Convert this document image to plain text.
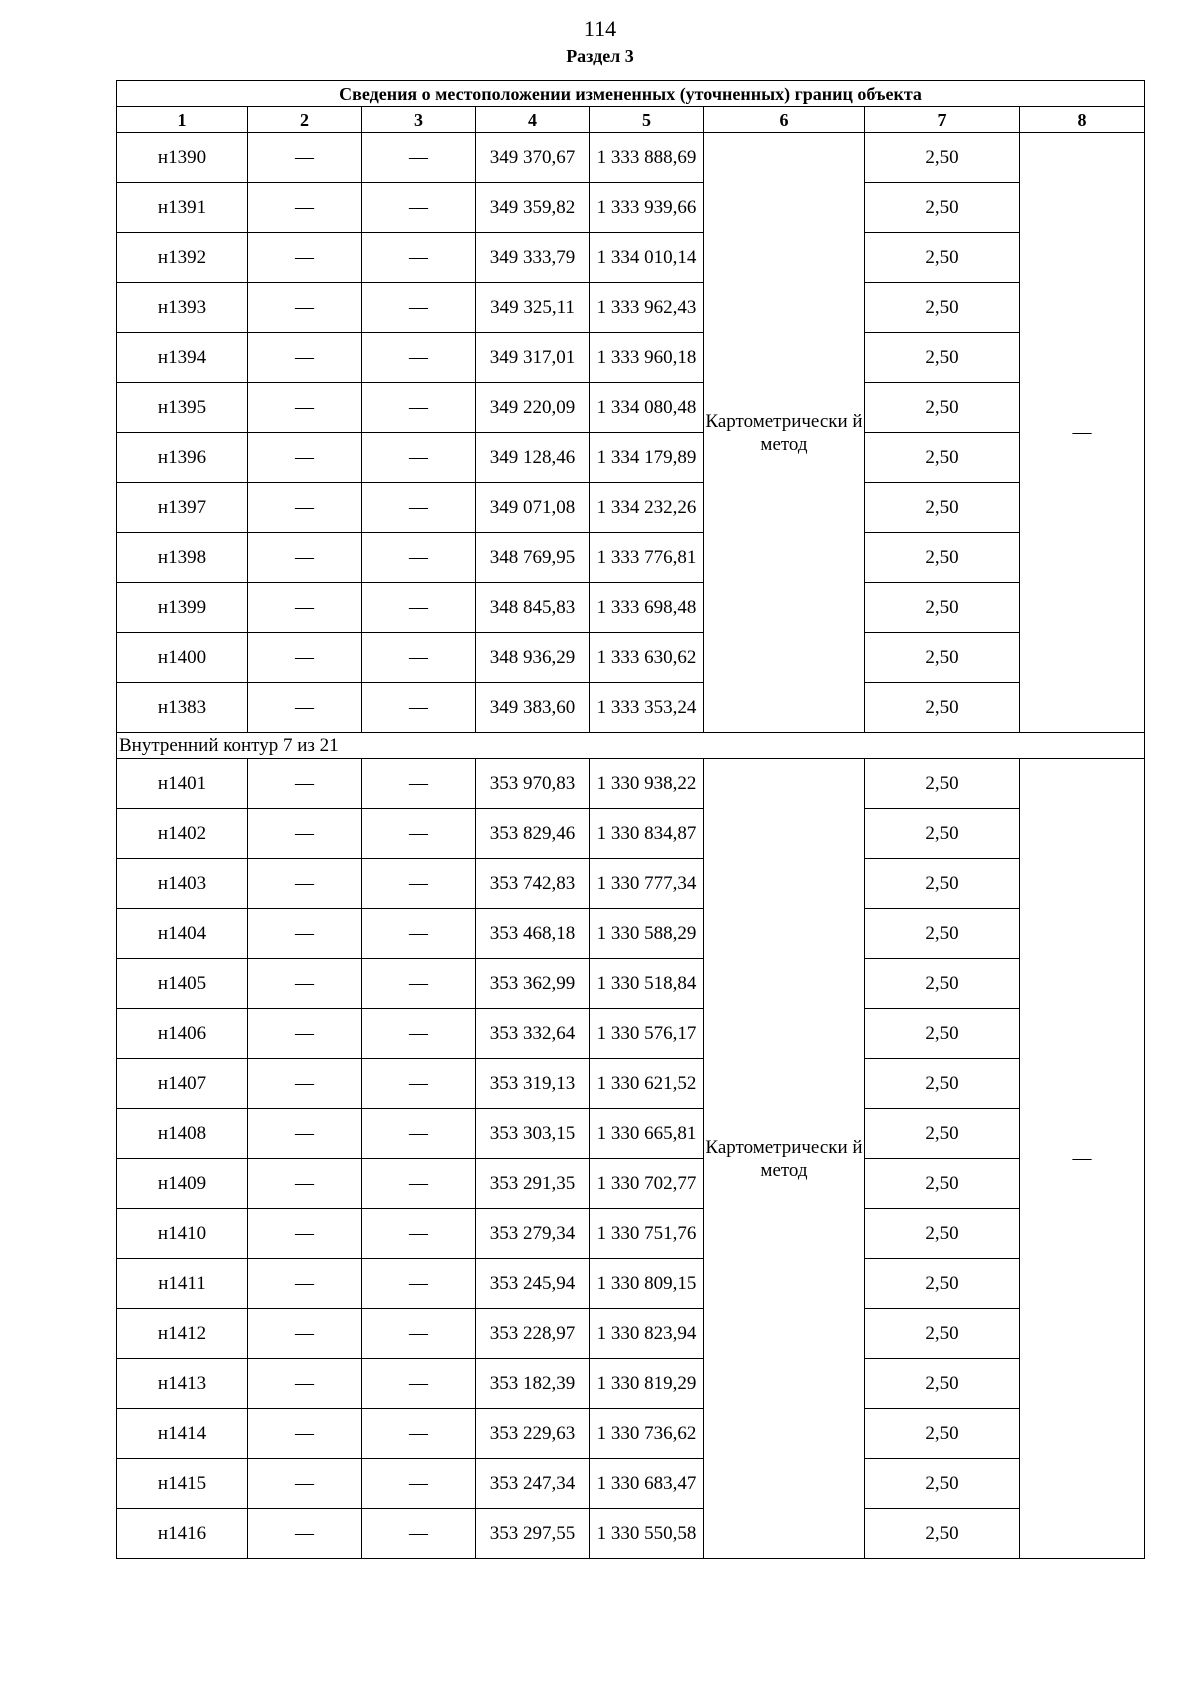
114
Раздел 3
Сведения о местоположении измененных (уточненных) границ объекта							
1	2	3	4	5	6	7	8
н1390	—	—	349 370,67	1 333 888,69	Картометрически й метод	2,50	—
н1391	—	—	349 359,82	1 333 939,66		2,50	
н1392	—	—	349 333,79	1 334 010,14		2,50	
н1393	—	—	349 325,11	1 333 962,43		2,50	
н1394	—	—	349 317,01	1 333 960,18		2,50	
н1395	—	—	349 220,09	1 334 080,48		2,50	
н1396	—	—	349 128,46	1 334 179,89		2,50	
н1397	—	—	349 071,08	1 334 232,26		2,50	
н1398	—	—	348 769,95	1 333 776,81		2,50	
н1399	—	—	348 845,83	1 333 698,48		2,50	
н1400	—	—	348 936,29	1 333 630,62		2,50	
н1383	—	—	349 383,60	1 333 353,24		2,50	
Внутренний контур 7 из 21							
н1401	—	—	353 970,83	1 330 938,22	Картометрически й метод	2,50	—
н1402	—	—	353 829,46	1 330 834,87		2,50	
н1403	—	—	353 742,83	1 330 777,34		2,50	
н1404	—	—	353 468,18	1 330 588,29		2,50	
н1405	—	—	353 362,99	1 330 518,84		2,50	
н1406	—	—	353 332,64	1 330 576,17		2,50	
н1407	—	—	353 319,13	1 330 621,52		2,50	
н1408	—	—	353 303,15	1 330 665,81		2,50	
н1409	—	—	353 291,35	1 330 702,77		2,50	
н1410	—	—	353 279,34	1 330 751,76		2,50	
н1411	—	—	353 245,94	1 330 809,15		2,50	
н1412	—	—	353 228,97	1 330 823,94		2,50	
н1413	—	—	353 182,39	1 330 819,29		2,50	
н1414	—	—	353 229,63	1 330 736,62		2,50	
н1415	—	—	353 247,34	1 330 683,47		2,50	
н1416	—	—	353 297,55	1 330 550,58		2,50	
